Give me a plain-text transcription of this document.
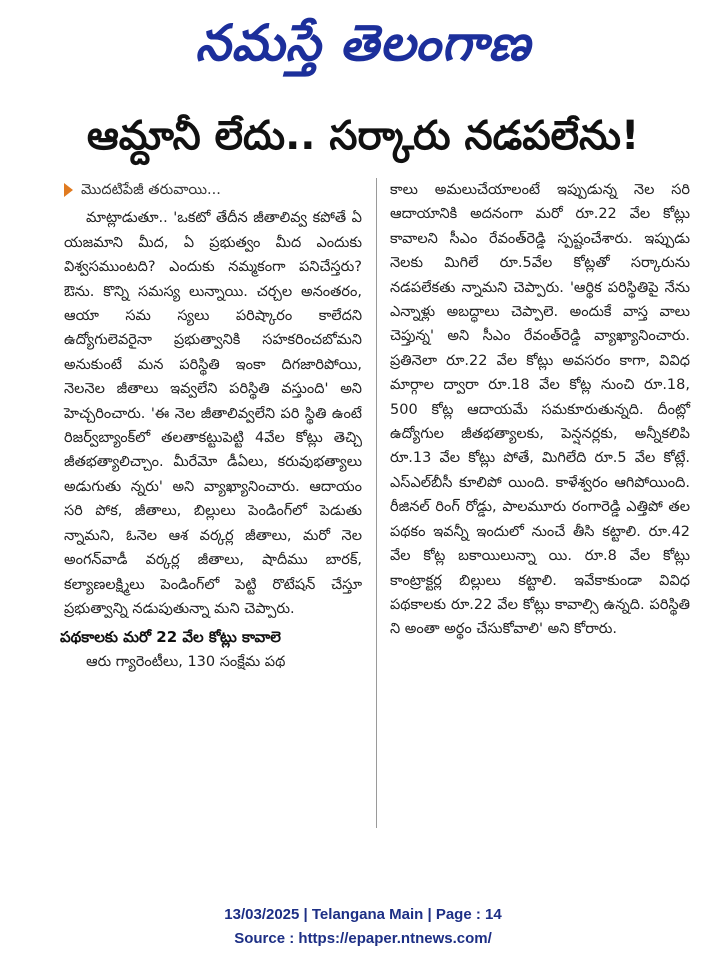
నమస్తే తెలంగాణ
ఆమ్దానీ లేదు.. సర్కారు నడపలేను!
మొదటిపేజీ తరువాయి...

మాట్లాడుతూ.. 'ఒకటో తేదీన జీతాలివ్వ కపోతే ఏ యజమాని మీద, ఏ ప్రభుత్వం మీద ఎందుకు విశ్వసముంటది? ఎందుకు నమ్మకంగా పనిచేస్తరు? ఔను. కొన్ని సమస్య లున్నాయి. చర్చల అనంతరం, ఆయా సమ స్యలు పరిష్కారం కాలేదని ఉద్యోగులెవరైనా ప్రభుత్వానికి సహకరించబోమని అనుకుంటే మన పరిస్థితి ఇంకా దిగజారిపోయి, నెలనెల జీతాలు ఇవ్వలేని పరిస్థితి వస్తుంది' అని హెచ్చరించారు. 'ఈ నెల జీతాలివ్వలేని పరి స్థితి ఉంటే రిజర్వ్‌బ్యాంక్‌లో తలతాకట్టుపెట్టి 4వేల కోట్లు తెచ్చి జీతభత్యాలిచ్చాం. మీరేమో డీఏలు, కరువుభత్యాలు అడుగుతు న్నరు' అని వ్యాఖ్యానించారు. ఆదాయం సరి పోక, జీతాలు, బిల్లులు పెండింగ్‌లో పెడుతు న్నామని, ఓనెల ఆశ వర్కర్ల జీతాలు, మరో నెల అంగన్‌వాడీ వర్కర్ల జీతాలు, షాదీము బారక్, కల్యాణలక్ష్మిలు పెండింగ్‌లో పెట్టి రొటేషన్ చేస్తూ ప్రభుత్వాన్ని నడుపుతున్నా మని చెప్పారు.

పథకాలకు మరో 22 వేల కోట్లు కావాలె

ఆరు గ్యారెంటీలు, 130 సంక్షేమ పథ

కాలు అమలుచేయాలంటే ఇప్పుడున్న నెల సరి ఆదాయానికి అదనంగా మరో రూ.22 వేల కోట్లు కావాలని సీఎం రేవంత్‌రెడ్డి స్పష్టంచేశారు. ఇప్పుడు నెలకు మిగిలే రూ.5వేల కోట్లతో సర్కారును నడపలేకతు న్నామని చెప్పారు. 'ఆర్థిక పరిస్థితిపై నేను ఎన్నాళ్లు అబద్ధాలు చెప్పాలె. అందుకే వాస్త వాలు చెప్తున్న' అని సీఎం రేవంత్‌రెడ్డి వ్యాఖ్యానించారు. ప్రతినెలా రూ.22 వేల కోట్లు అవసరం కాగా, వివిధ మార్గాల ద్వారా రూ.18 వేల కోట్ల నుంచి రూ.18, 500 కోట్ల ఆదాయమే సమకూరుతున్నది. దీంట్లో ఉద్యోగుల జీతభత్యాలకు, పెన్షనర్లకు, అన్నీకలిపి రూ.13 వేల కోట్లు పోతే, మిగిలేది రూ.5 వేల కోట్లే. ఎస్‌ఎల్‌బీసీ కూలిపో యింది. కాళేశ్వరం ఆగిపోయింది. రీజినల్ రింగ్ రోడ్డు, పాలమూరు రంగారెడ్డి ఎత్తిపో తల పథకం ఇవన్నీ ఇందులో నుంచే తీసి కట్టాలి. రూ.42 వేల కోట్ల బకాయిలున్నా యి. రూ.8 వేల కోట్లు కాంట్రాక్టర్ల బిల్లులు కట్టాలి. ఇవేకాకుండా వివిధ పథకాలకు రూ.22 వేల కోట్లు కావాల్సి ఉన్నది. పరిస్థితి ని అంతా అర్థం చేసుకోవాలి' అని కోరారు.

13/03/2025 | Telangana Main | Page : 14
Source : https://epaper.ntnews.com/
